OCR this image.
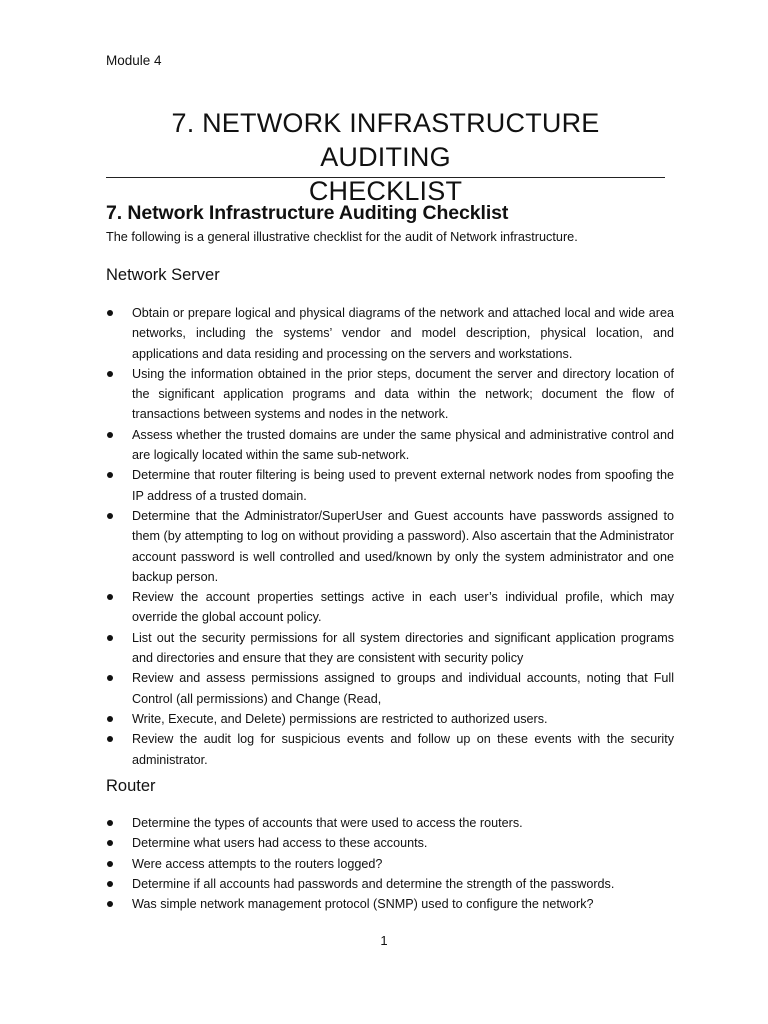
Module 4
7. NETWORK INFRASTRUCTURE AUDITING
CHECKLIST
7. Network Infrastructure Auditing Checklist

The following is a general illustrative checklist for the audit of Network infrastructure.

Network Server
Obtain or prepare logical and physical diagrams of the network and attached local and wide area networks, including the systems’ vendor and model description, physical location, and applications and data residing and processing on the servers and workstations.
Using the information obtained in the prior steps, document the server and directory location of the significant application programs and data within the network; document the flow of transactions between systems and nodes in the network.
Assess whether the trusted domains are under the same physical and administrative control and are logically located within the same sub-network.
Determine that router filtering is being used to prevent external network nodes from spoofing the IP address of a trusted domain.
Determine that the Administrator/SuperUser and Guest accounts have passwords assigned to them (by attempting to log on without providing a password). Also ascertain that the Administrator account password is well controlled and used/known by only the system administrator and one backup person.
Review the account properties settings active in each user’s individual profile, which may override the global account policy.
List out the security permissions for all system directories and significant application programs and directories and ensure that they are consistent with security policy
Review and assess permissions assigned to groups and individual accounts, noting that Full Control (all permissions) and Change (Read,
Write, Execute, and Delete) permissions are restricted to authorized users.
Review the audit log for suspicious events and follow up on these events with the security administrator.
Router
Determine the types of accounts that were used to access the routers.
Determine what users had access to these accounts.
Were access attempts to the routers logged?
Determine if all accounts had passwords and determine the strength of the passwords.
Was simple network management protocol (SNMP) used to configure the network?
1
